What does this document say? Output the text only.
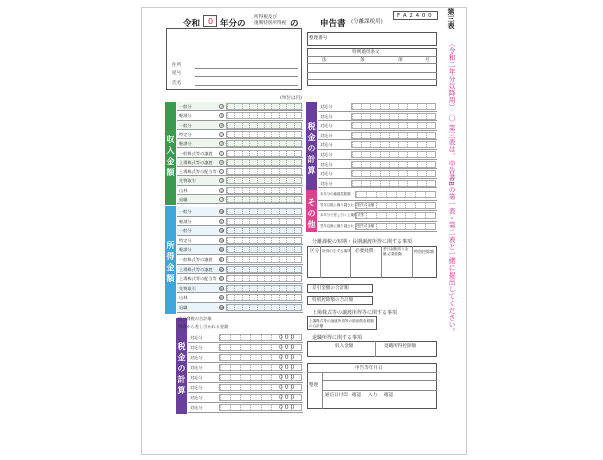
令和 0 年分の
所得税及び
復興特別所得税 の	申告書 (分離課税用)
F A 2 4 0 0 第三表
（令和二年分以降用）　〇 第三表は、申告書Bの第一表・第二表と一緒に提出してください。
住所
屋号
氏名
整理番号
特例適用条文
法	条	項	号
(単位は円)
収入金額
所得金額
税金の計算
税金の計算
その他
一般分	ソ
軽減分	タ
一般分	チ
特定分	ツ
軽課分	テ
一般株式等の譲渡	ト
上場株式等の譲渡	ナ
上場株式等の配当等	ニ
先物取引	ヌ
山林	ネ
退職	ノ
一般分	56
軽減分	57
一般分	58
特定分	59
軽課分	60
一般株式等の譲渡	61
上場株式等の譲渡	62
上場株式等の配当等	63
先物取引	64
山林	65
退職	66
対応分	0 0 0
対応分	0 0 0
対応分	0 0 0
対応分	0 0 0
対応分	0 0 0
対応分	0 0 0
対応分	0 0 0
対応分	0 0 0
対応分
対応分
対応分
対応分
対応分
対応分
対応分
対応分
対応分
本年分の繰越控除額
翌年以後に繰り越される損失の金額
本年分で差し引く上場株式等
翌年以後に繰り越される損失の金額
総合課税の合計額
所得から差し引かれる金額
分離課税の短期・長期譲渡所得に関する事項
区分 所得の生ずる場所 必要経費	差引金額(収入金額-必要経費)	特別控除額
差引金額の合計額
特別控除額の合計額
上場株式等の譲渡所得等に関する事項
上場株式等の譲渡所得等の源泉徴収税額の合計額
退職所得に関する事項
収入金額	退職所得控除額
申告等年月日
整理
通信日付印 確認 入力 確認
